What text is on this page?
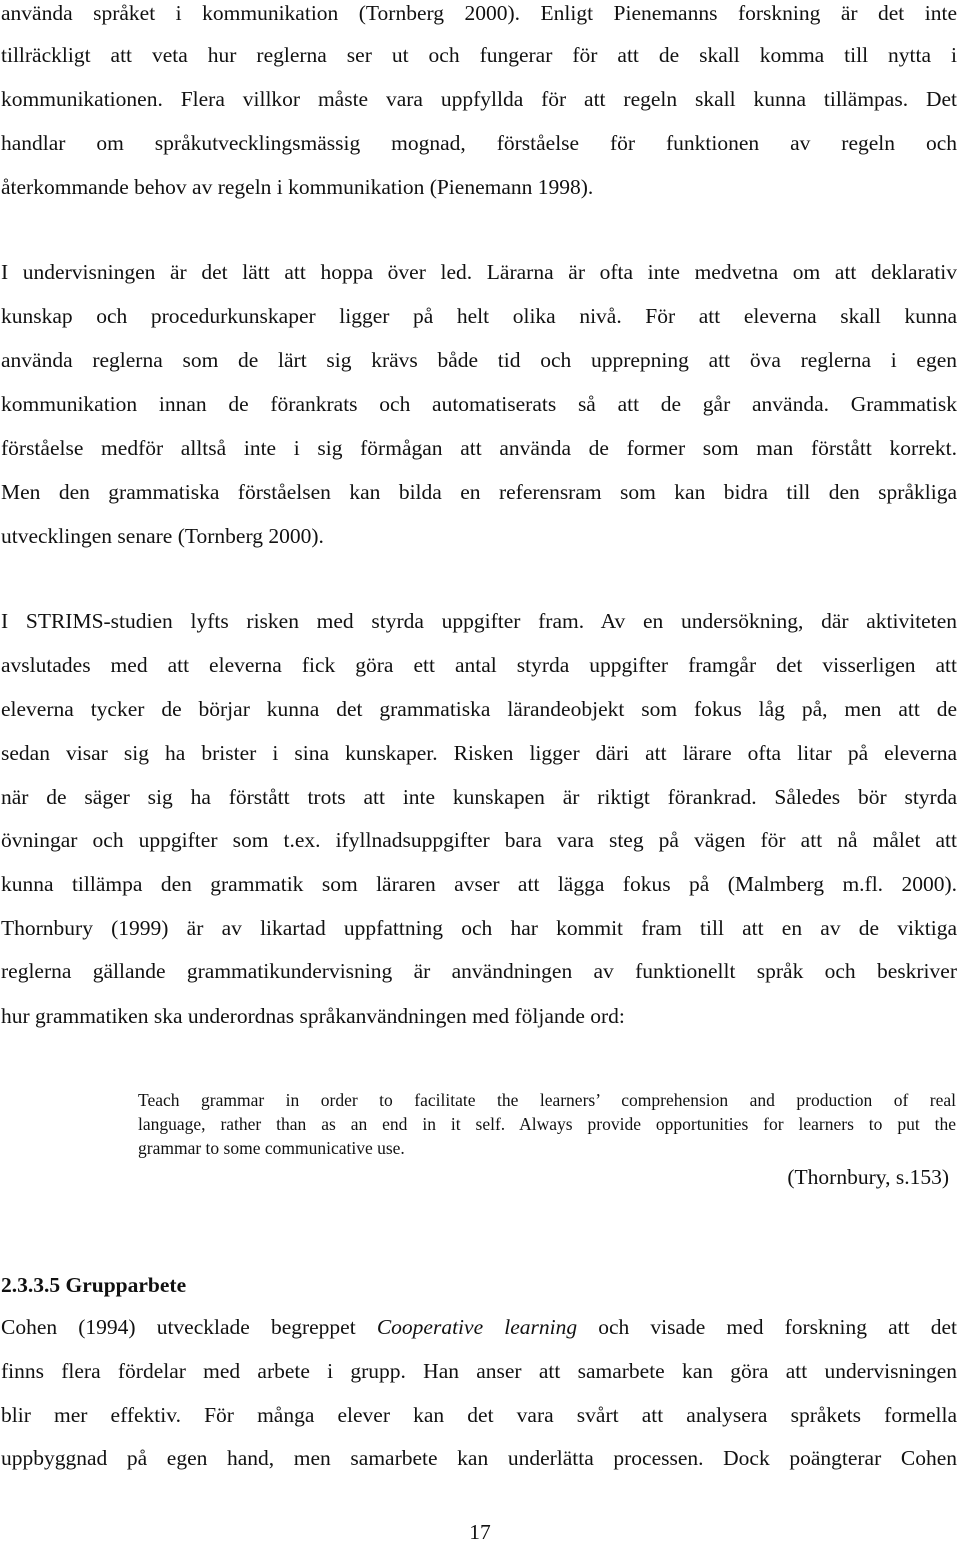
använda språket i kommunikation (Tornberg 2000). Enligt Pienemanns forskning är det inte
tillräckligt att veta hur reglerna ser ut och fungerar för att de skall komma till nytta i
kommunikationen. Flera villkor måste vara uppfyllda för att regeln skall kunna tillämpas. Det
handlar om språkutvecklingsmässig mognad, förståelse för funktionen av regeln och
återkommande behov av regeln i kommunikation (Pienemann 1998).
I undervisningen är det lätt att hoppa över led. Lärarna är ofta inte medvetna om att deklarativ
kunskap och procedurkunskaper ligger på helt olika nivå. För att eleverna skall kunna
använda reglerna som de lärt sig krävs både tid och upprepning att öva reglerna i egen
kommunikation innan de förankrats och automatiserats så att de går använda. Grammatisk
förståelse medför alltså inte i sig förmågan att använda de former som man förstått korrekt.
Men den grammatiska förståelsen kan bilda en referensram som kan bidra till den språkliga
utvecklingen senare (Tornberg 2000).
I STRIMS-studien lyfts risken med styrda uppgifter fram. Av en undersökning, där aktiviteten
avslutades med att eleverna fick göra ett antal styrda uppgifter framgår det visserligen att
eleverna tycker de börjar kunna det grammatiska lärandeobjekt som fokus låg på, men att de
sedan visar sig ha brister i sina kunskaper. Risken ligger däri att lärare ofta litar på eleverna
när de säger sig ha förstått trots att inte kunskapen är riktigt förankrad. Således bör styrda
övningar och uppgifter som t.ex. ifyllnadsuppgifter bara vara steg på vägen för att nå målet att
kunna tillämpa den grammatik som läraren avser att lägga fokus på (Malmberg m.fl. 2000).
Thornbury (1999) är av likartad uppfattning och har kommit fram till att en av de viktiga
reglerna gällande grammatikundervisning är användningen av funktionellt språk och beskriver
hur grammatiken ska underordnas språkanvändningen med följande ord:
Teach grammar in order to facilitate the learners’ comprehension and production of real
language, rather than as an end in it self. Always provide opportunities for learners to put the
grammar to some communicative use.
(Thornbury, s.153)
2.3.3.5 Grupparbete
Cohen (1994) utvecklade begreppet Cooperative learning och visade med forskning att det
finns flera fördelar med arbete i grupp. Han anser att samarbete kan göra att undervisningen
blir mer effektiv. För många elever kan det vara svårt att analysera språkets formella
uppbyggnad på egen hand, men samarbete kan underlätta processen. Dock poängterar Cohen
17
